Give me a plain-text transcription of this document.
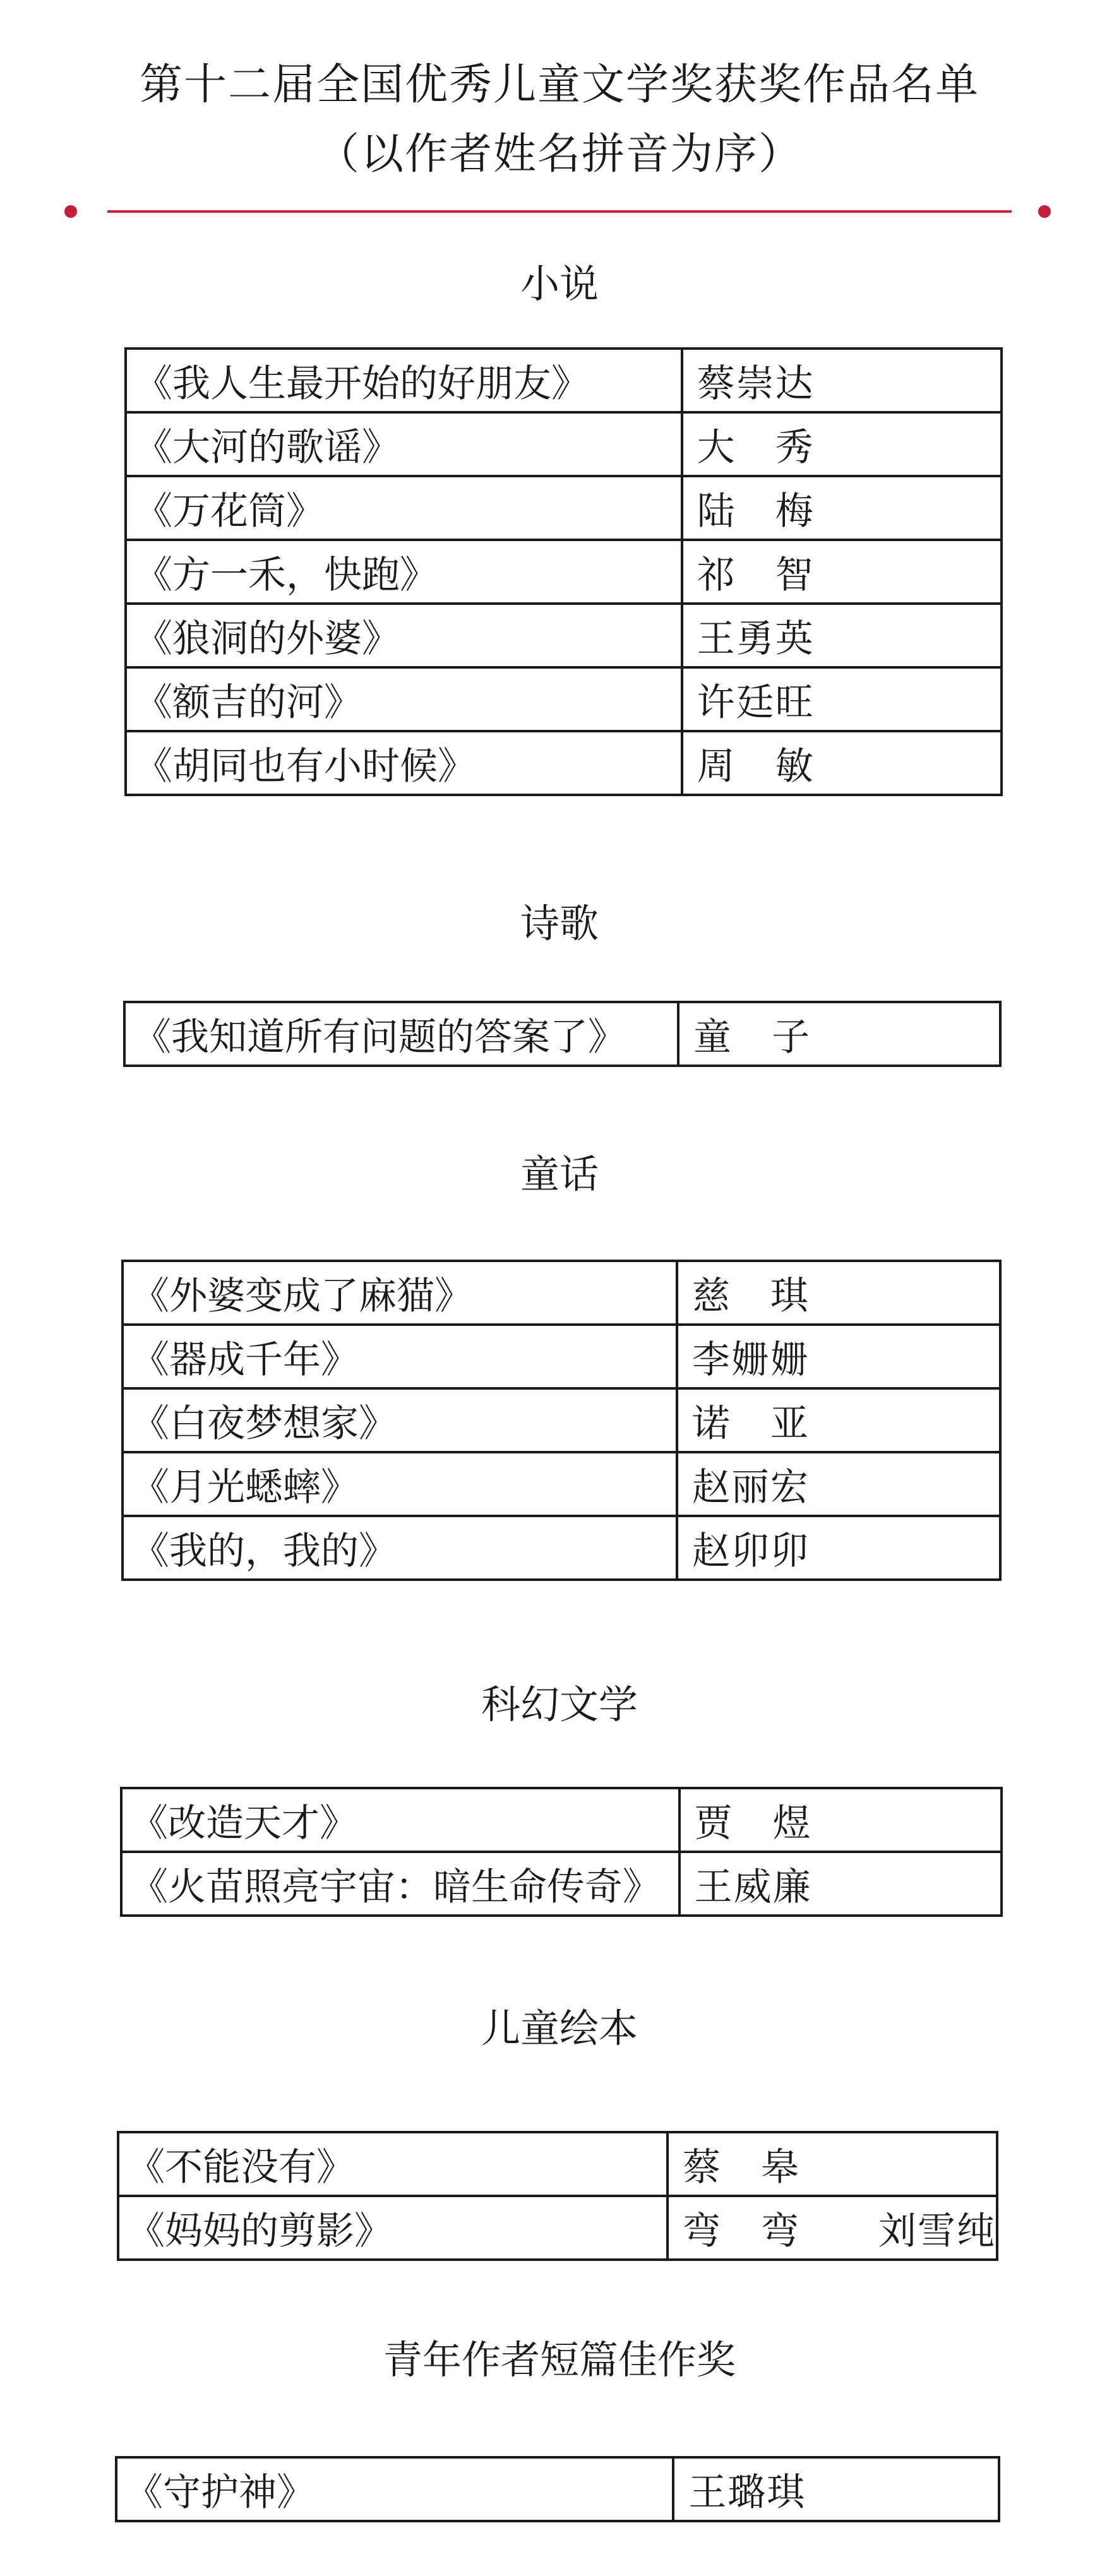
第十二届全国优秀儿童文学奖获奖作品名单
（以作者姓名拼音为序）
小说
《我人生最开始的好朋友》	蔡崇达
《大河的歌谣》	大　秀
《万花筒》	陆　梅
《方一禾，快跑》	祁　智
《狼洞的外婆》	王勇英
《额吉的河》	许廷旺
《胡同也有小时候》	周　敏
诗歌
《我知道所有问题的答案了》	童　子
童话
《外婆变成了麻猫》	慈　琪
《器成千年》	李姗姗
《白夜梦想家》	诺　亚
《月光蟋蟀》	赵丽宏
《我的，我的》	赵卯卯
科幻文学
《改造天才》	贾　煜
《火苗照亮宇宙：暗生命传奇》	王威廉
儿童绘本
《不能没有》	蔡　皋
《妈妈的剪影》	弯　弯　　刘雪纯
青年作者短篇佳作奖
《守护神》	王璐琪
